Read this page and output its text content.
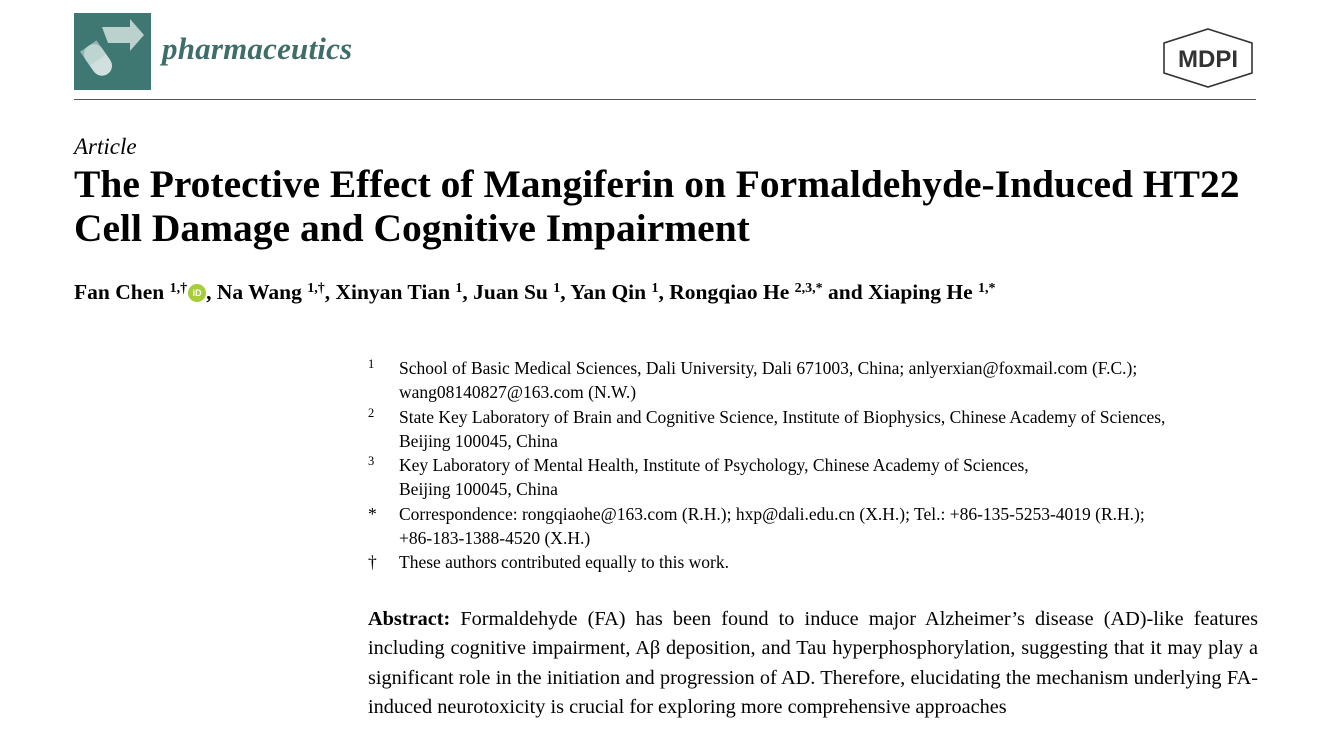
pharmaceutics	MDPI
Article
The Protective Effect of Mangiferin on Formaldehyde-Induced HT22 Cell Damage and Cognitive Impairment
Fan Chen $^{1,\dagger}$ iD , Na Wang $^{1,\dagger}$, Xinyan Tian $^1$, Juan Su $^1$, Yan Qin $^1$, Rongqiao He $^{2,3,*}$ and Xiaping He $^{1,*}$
1 School of Basic Medical Sciences, Dali University, Dali 671003, China; anlyerxian@foxmail.com (F.C.);
wang08140827@163.com (N.W.)
2 State Key Laboratory of Brain and Cognitive Science, Institute of Biophysics, Chinese Academy of Sciences,
Beijing 100045, China
3 Key Laboratory of Mental Health, Institute of Psychology, Chinese Academy of Sciences,
Beijing 100045, China
* Correspondence: rongqiaohe@163.com (R.H.); hxp@dali.edu.cn (X.H.); Tel.: +86-135-5253-4019 (R.H.);
+86-183-1388-4520 (X.H.)
† These authors contributed equally to this work.
Abstract: Formaldehyde (FA) has been found to induce major Alzheimer’s disease (AD)-like features including cognitive impairment, Aβ deposition, and Tau hyperphosphorylation, suggesting that it may play a significant role in the initiation and progression of AD. Therefore, elucidating the mechanism underlying FA-induced neurotoxicity is crucial for exploring more comprehensive approaches
